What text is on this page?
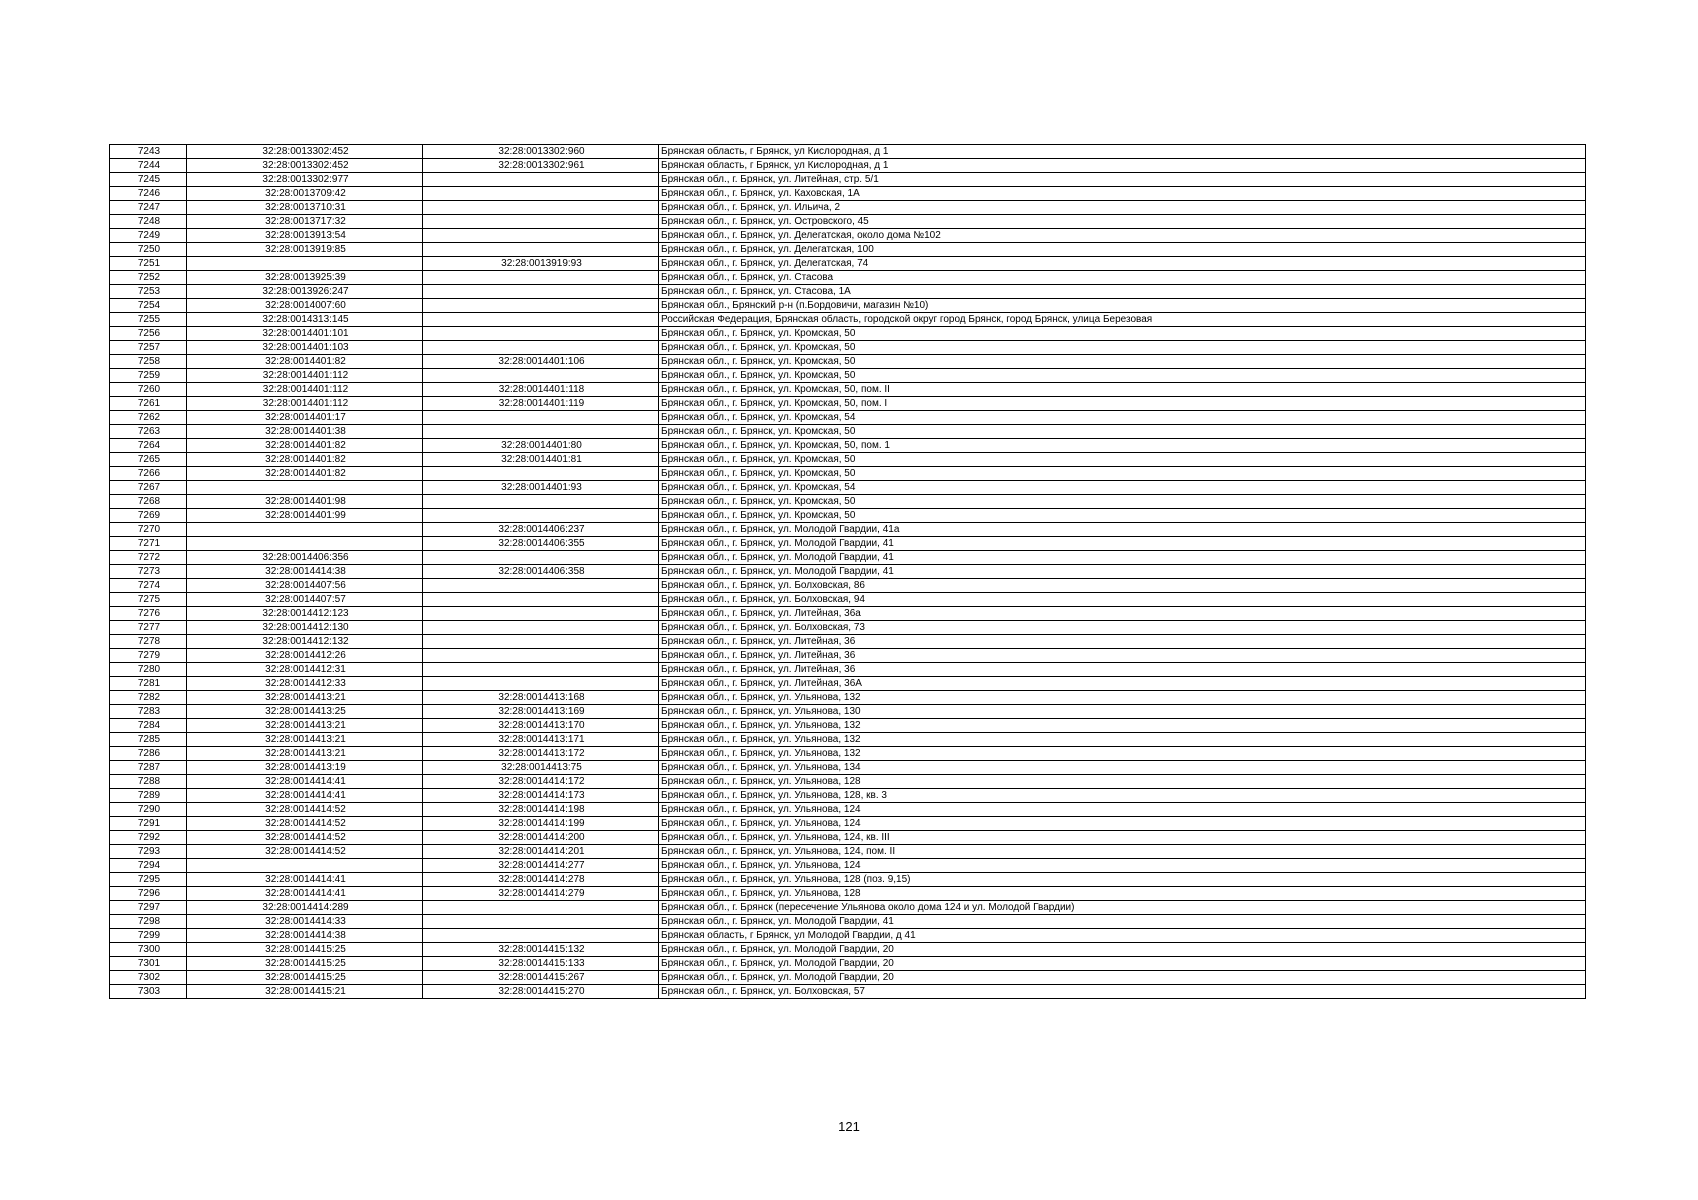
7243	32:28:0013302:452	32:28:0013302:960	Брянская область, г Брянск, ул Кислородная, д 1
7244	32:28:0013302:452	32:28:0013302:961	Брянская область, г Брянск, ул Кислородная, д 1
7245	32:28:0013302:977		Брянская обл., г. Брянск, ул. Литейная, стр. 5/1
7246	32:28:0013709:42		Брянская обл., г. Брянск, ул. Каховская, 1А
7247	32:28:0013710:31		Брянская обл., г. Брянск, ул. Ильича, 2
7248	32:28:0013717:32		Брянская обл., г. Брянск, ул. Островского, 45
7249	32:28:0013913:54		Брянская обл., г. Брянск, ул. Делегатская, около дома №102
7250	32:28:0013919:85		Брянская обл., г. Брянск, ул. Делегатская, 100
7251		32:28:0013919:93	Брянская обл., г. Брянск, ул. Делегатская, 74
7252	32:28:0013925:39		Брянская обл., г. Брянск, ул. Стасова
7253	32:28:0013926:247		Брянская обл., г. Брянск, ул. Стасова, 1А
7254	32:28:0014007:60		Брянская обл., Брянский р-н (п.Бордовичи, магазин №10)
7255	32:28:0014313:145		Российская Федерация, Брянская область, городской округ город Брянск, город Брянск, улица Березовая
7256	32:28:0014401:101		Брянская обл., г. Брянск, ул. Кромская, 50
7257	32:28:0014401:103		Брянская обл., г. Брянск, ул. Кромская, 50
7258	32:28:0014401:82	32:28:0014401:106	Брянская обл., г. Брянск, ул. Кромская, 50
7259	32:28:0014401:112		Брянская обл., г. Брянск, ул. Кромская, 50
7260	32:28:0014401:112	32:28:0014401:118	Брянская обл., г. Брянск, ул. Кромская, 50, пом. II
7261	32:28:0014401:112	32:28:0014401:119	Брянская обл., г. Брянск, ул. Кромская, 50, пом. I
7262	32:28:0014401:17		Брянская обл., г. Брянск, ул. Кромская, 54
7263	32:28:0014401:38		Брянская обл., г. Брянск, ул. Кромская, 50
7264	32:28:0014401:82	32:28:0014401:80	Брянская обл., г. Брянск, ул. Кромская, 50, пом. 1
7265	32:28:0014401:82	32:28:0014401:81	Брянская обл., г. Брянск, ул. Кромская, 50
7266	32:28:0014401:82		Брянская обл., г. Брянск, ул. Кромская, 50
7267		32:28:0014401:93	Брянская обл., г. Брянск, ул. Кромская, 54
7268	32:28:0014401:98		Брянская обл., г. Брянск, ул. Кромская, 50
7269	32:28:0014401:99		Брянская обл., г. Брянск, ул. Кромская, 50
7270		32:28:0014406:237	Брянская обл., г. Брянск, ул. Молодой Гвардии, 41а
7271		32:28:0014406:355	Брянская обл., г. Брянск, ул. Молодой Гвардии, 41
7272	32:28:0014406:356		Брянская обл., г. Брянск, ул. Молодой Гвардии, 41
7273	32:28:0014414:38	32:28:0014406:358	Брянская обл., г. Брянск, ул. Молодой Гвардии, 41
7274	32:28:0014407:56		Брянская обл., г. Брянск, ул. Болховская, 86
7275	32:28:0014407:57		Брянская обл., г. Брянск, ул. Болховская, 94
7276	32:28:0014412:123		Брянская обл., г. Брянск, ул. Литейная, 36а
7277	32:28:0014412:130		Брянская обл., г. Брянск, ул. Болховская, 73
7278	32:28:0014412:132		Брянская обл., г. Брянск, ул. Литейная, 36
7279	32:28:0014412:26		Брянская обл., г. Брянск, ул. Литейная, 36
7280	32:28:0014412:31		Брянская обл., г. Брянск, ул. Литейная, 36
7281	32:28:0014412:33		Брянская обл., г. Брянск, ул. Литейная, 36А
7282	32:28:0014413:21	32:28:0014413:168	Брянская обл., г. Брянск, ул. Ульянова, 132
7283	32:28:0014413:25	32:28:0014413:169	Брянская обл., г. Брянск, ул. Ульянова, 130
7284	32:28:0014413:21	32:28:0014413:170	Брянская обл., г. Брянск, ул. Ульянова, 132
7285	32:28:0014413:21	32:28:0014413:171	Брянская обл., г. Брянск, ул. Ульянова, 132
7286	32:28:0014413:21	32:28:0014413:172	Брянская обл., г. Брянск, ул. Ульянова, 132
7287	32:28:0014413:19	32:28:0014413:75	Брянская обл., г. Брянск, ул. Ульянова, 134
7288	32:28:0014414:41	32:28:0014414:172	Брянская обл., г. Брянск, ул. Ульянова, 128
7289	32:28:0014414:41	32:28:0014414:173	Брянская обл., г. Брянск, ул. Ульянова, 128, кв. 3
7290	32:28:0014414:52	32:28:0014414:198	Брянская обл., г. Брянск, ул. Ульянова, 124
7291	32:28:0014414:52	32:28:0014414:199	Брянская обл., г. Брянск, ул. Ульянова, 124
7292	32:28:0014414:52	32:28:0014414:200	Брянская обл., г. Брянск, ул. Ульянова, 124, кв. III
7293	32:28:0014414:52	32:28:0014414:201	Брянская обл., г. Брянск, ул. Ульянова, 124, пом. II
7294		32:28:0014414:277	Брянская обл., г. Брянск, ул. Ульянова, 124
7295	32:28:0014414:41	32:28:0014414:278	Брянская обл., г. Брянск, ул. Ульянова, 128 (поз. 9,15)
7296	32:28:0014414:41	32:28:0014414:279	Брянская обл., г. Брянск, ул. Ульянова, 128
7297	32:28:0014414:289		Брянская обл., г. Брянск (пересечение Ульянова около дома 124 и ул. Молодой Гвардии)
7298	32:28:0014414:33		Брянская обл., г. Брянск, ул. Молодой Гвардии, 41
7299	32:28:0014414:38		Брянская область, г Брянск, ул Молодой Гвардии, д 41
7300	32:28:0014415:25	32:28:0014415:132	Брянская обл., г. Брянск, ул. Молодой Гвардии, 20
7301	32:28:0014415:25	32:28:0014415:133	Брянская обл., г. Брянск, ул. Молодой Гвардии, 20
7302	32:28:0014415:25	32:28:0014415:267	Брянская обл., г. Брянск, ул. Молодой Гвардии, 20
7303	32:28:0014415:21	32:28:0014415:270	Брянская обл., г. Брянск, ул. Болховская, 57
121
